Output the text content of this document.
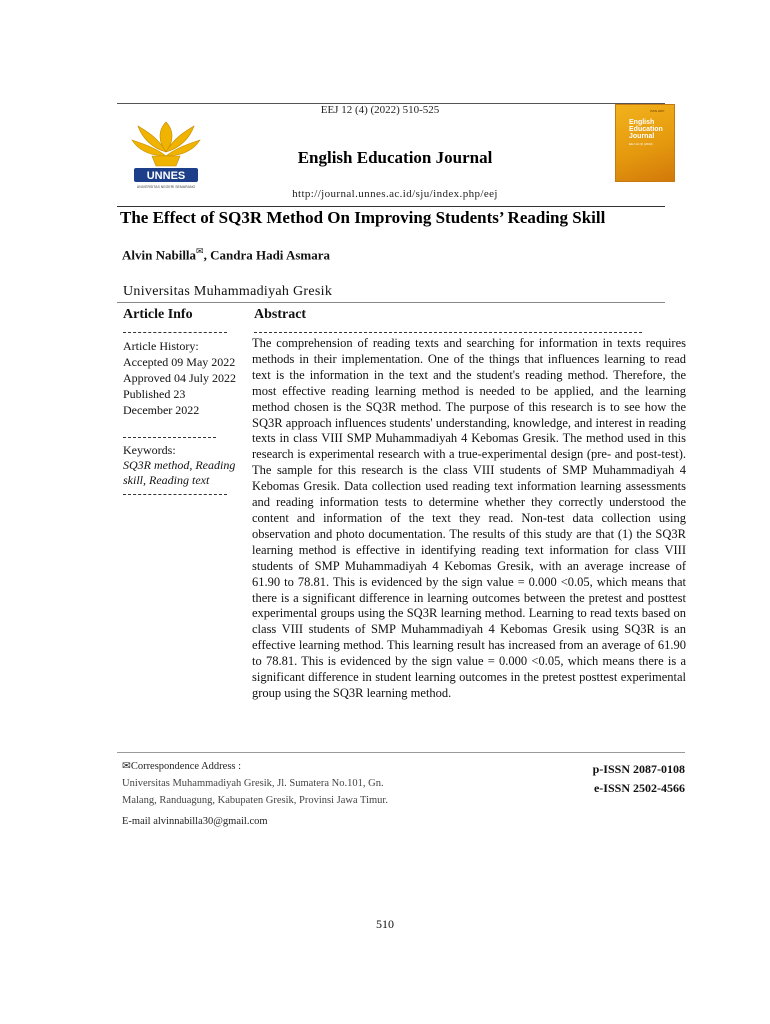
UNNES
UNIVERSITAS NEGERI SEMARANG
EEJ 12 (4) (2022) 510-525
English Education Journal
http://journal.unnes.ac.id/sju/index.php/eej
ISSN 2087
English
Education
Journal
EEJ 12 (4) (2022)
The Effect of SQ3R Method On Improving Students’ Reading Skill
Alvin Nabilla✉, Candra Hadi Asmara
Universitas Muhammadiyah Gresik
Article Info	Abstract
Article History:
Accepted 09 May 2022
Approved 04 July 2022
Published 23
December 2022
Keywords:
SQ3R method, Reading
skill, Reading text
The comprehension of reading texts and searching for information in texts requires methods in their implementation. One of the things that influences learning to read text is the information in the text and the student's reading method. Therefore, the most effective reading learning method is needed to be applied, and the learning method chosen is the SQ3R method. The purpose of this research is to see how the SQ3R approach influences students' understanding, knowledge, and interest in reading texts in class VIII SMP Muhammadiyah 4 Kebomas Gresik. The method used in this research is experimental research with a true-experimental design (pre- and post-test). The sample for this research is the class VIII students of SMP Muhammadiyah 4 Kebomas Gresik. Data collection used reading text information learning assessments and reading information tests to determine whether they correctly understood the content and information of the text they read. Non-test data collection using observation and photo documentation. The results of this study are that (1) the SQ3R learning method is effective in identifying reading text information for class VIII students of SMP Muhammadiyah 4 Kebomas Gresik, with an average increase of 61.90 to 78.81. This is evidenced by the sign value = 0.000 <0.05, which means that there is a significant difference in learning outcomes between the pretest and posttest experimental groups using the SQ3R learning method. Learning to read texts based on class VIII students of SMP Muhammadiyah 4 Kebomas Gresik using SQ3R is an effective learning method. This learning result has increased from an average of 61.90 to 78.81. This is evidenced by the sign value = 0.000 <0.05, which means there is a significant difference in student learning outcomes in the pretest posttest experimental group using the SQ3R learning method.
✉Correspondence Address :
Universitas Muhammadiyah Gresik, Jl. Sumatera No.101, Gn.
Malang, Randuagung, Kabupaten Gresik, Provinsi Jawa Timur.
E-mail alvinnabilla30@gmail.com
p-ISSN 2087-0108
e-ISSN 2502-4566
510
